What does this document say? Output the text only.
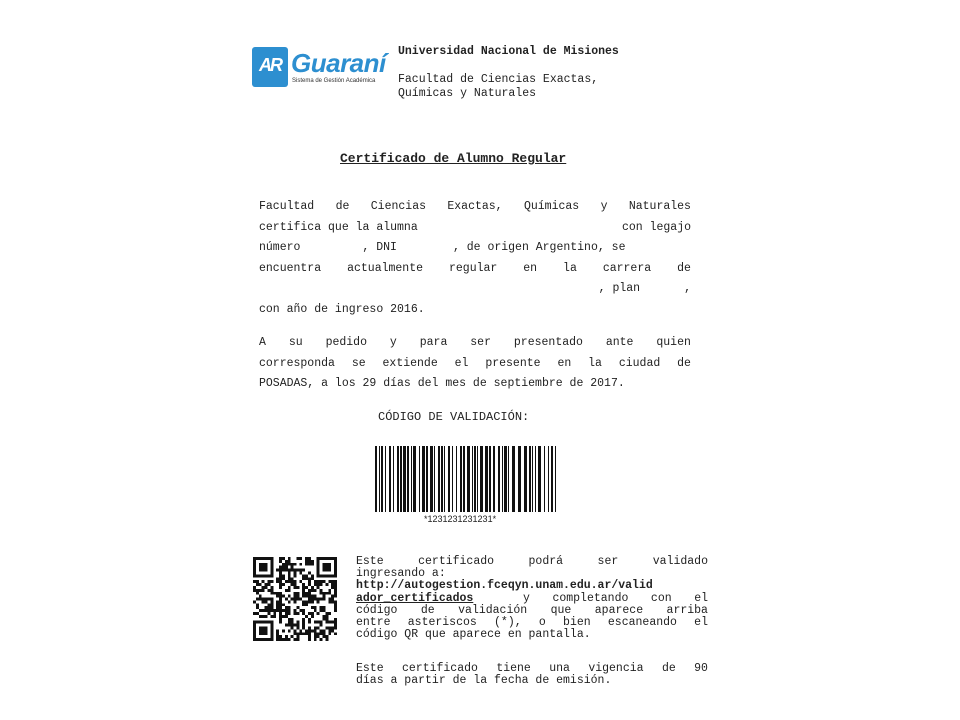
AR Guaraní
Sistema de Gestión Académica
Universidad Nacional de Misiones
Facultad de Ciencias Exactas,
Químicas y Naturales
Certificado de Alumno Regular
Facultad de Ciencias Exactas, Químicas y Naturales
certifica que la alumna	con legajo
número	, DNI	, de origen Argentino, se
encuentra actualmente regular en la carrera de
, plan	,
con año de ingreso 2016.
A su pedido y para ser presentado ante quien
corresponda se extiende el presente en la ciudad de
POSADAS, a los 29 días del mes de septiembre de 2017.
CÓDIGO DE VALIDACIÓN:
*1231231231231*
Este	certificado	podrá	ser	validado
ingresando a:
http://autogestion.fceqyn.unam.edu.ar/valid
ador_certificados	y completando con el
código de validación que aparece arriba
entre asteriscos (*), o bien escaneando el
código QR que aparece en pantalla.
Este certificado tiene una vigencia de 90
días a partir de la fecha de emisión.
